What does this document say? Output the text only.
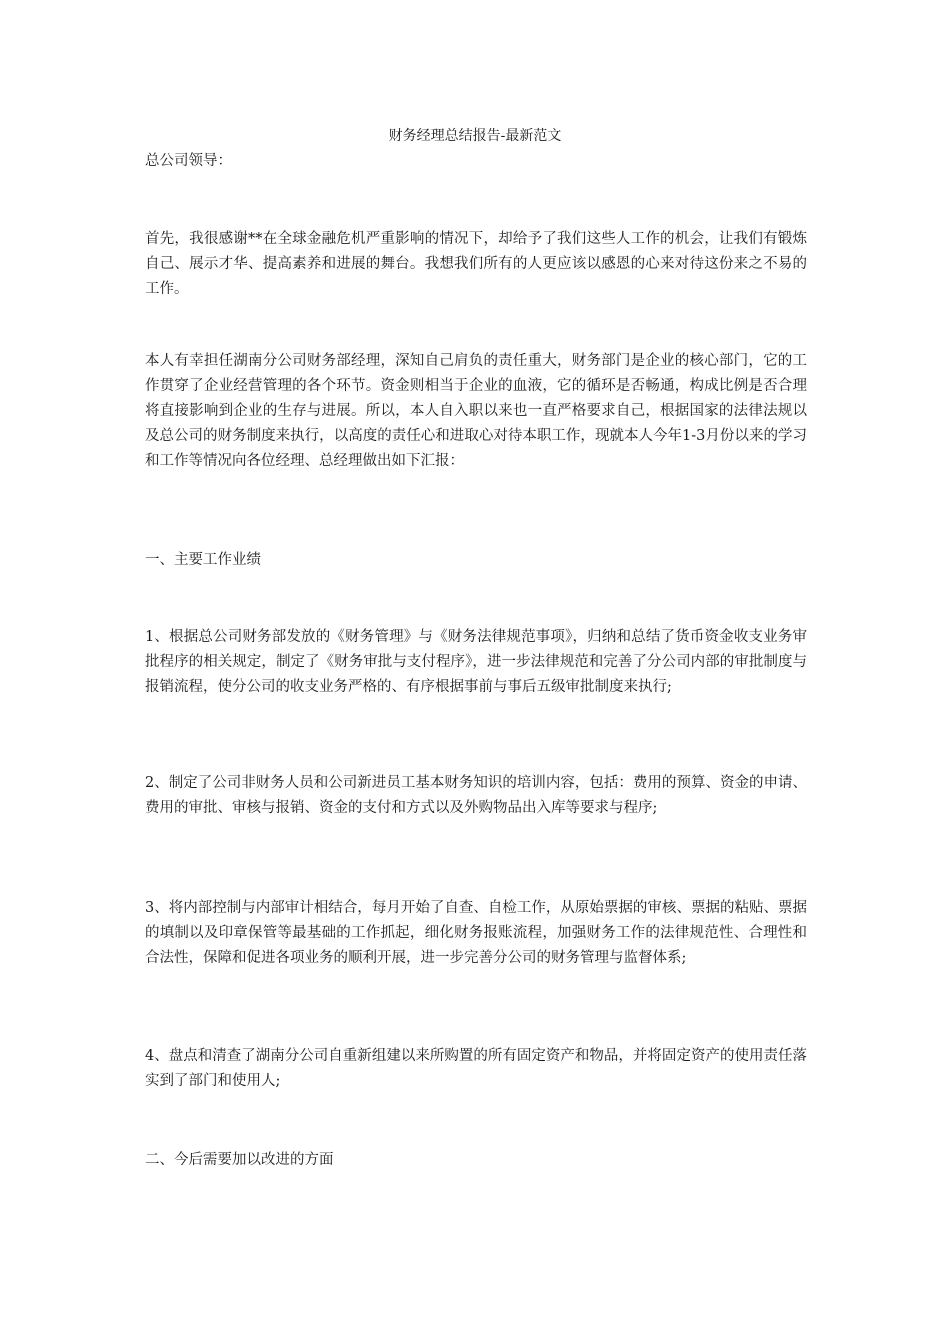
财务经理总结报告-最新范文
总公司领导：
首先，我很感谢**在全球金融危机严重影响的情况下，却给予了我们这些人工作的机会，让我们有锻炼自己、展示才华、提高素养和进展的舞台。我想我们所有的人更应该以感恩的心来对待这份来之不易的工作。
本人有幸担任湖南分公司财务部经理，深知自己肩负的责任重大，财务部门是企业的核心部门，它的工作贯穿了企业经营管理的各个环节。资金则相当于企业的血液，它的循环是否畅通，构成比例是否合理将直接影响到企业的生存与进展。所以，本人自入职以来也一直严格要求自己，根据国家的法律法规以及总公司的财务制度来执行，以高度的责任心和进取心对待本职工作，现就本人今年1-3月份以来的学习和工作等情况向各位经理、总经理做出如下汇报：
一、主要工作业绩
1、根据总公司财务部发放的《财务管理》与《财务法律规范事项》，归纳和总结了货币资金收支业务审批程序的相关规定，制定了《财务审批与支付程序》，进一步法律规范和完善了分公司内部的审批制度与报销流程，使分公司的收支业务严格的、有序根据事前与事后五级审批制度来执行;
2、制定了公司非财务人员和公司新进员工基本财务知识的培训内容，包括：费用的预算、资金的申请、费用的审批、审核与报销、资金的支付和方式以及外购物品出入库等要求与程序;
3、将内部控制与内部审计相结合，每月开始了自查、自检工作，从原始票据的审核、票据的粘贴、票据的填制以及印章保管等最基础的工作抓起，细化财务报账流程，加强财务工作的法律规范性、合理性和合法性，保障和促进各项业务的顺利开展，进一步完善分公司的财务管理与监督体系;
4、盘点和清查了湖南分公司自重新组建以来所购置的所有固定资产和物品，并将固定资产的使用责任落实到了部门和使用人;
二、今后需要加以改进的方面
